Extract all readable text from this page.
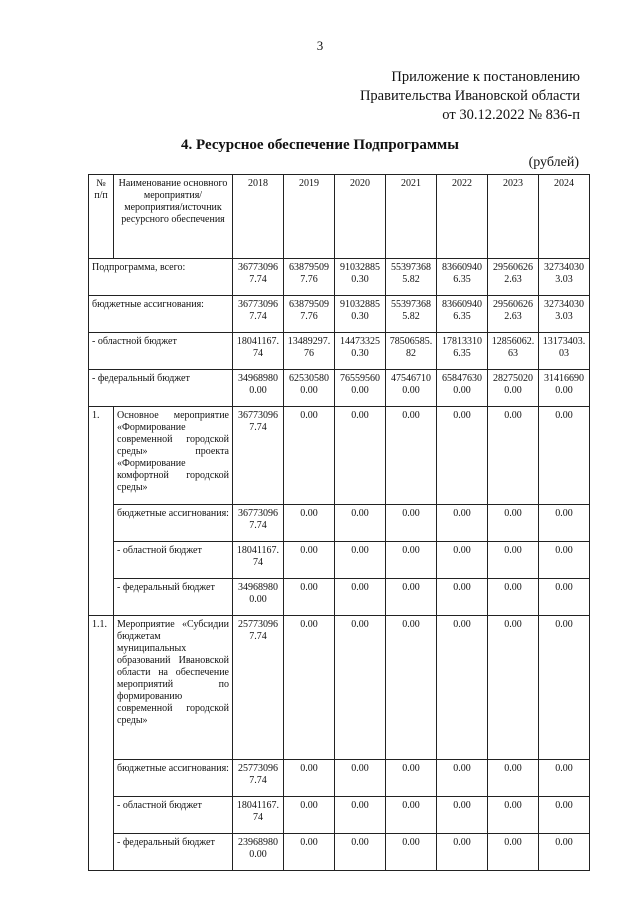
3
Приложение к постановлению
Правительства Ивановской области
от 30.12.2022 № 836-п
4. Ресурсное обеспечение Подпрограммы
(рублей)
№ п/п	Наименование основного мероприятия/ мероприятия/источник ресурсного обеспечения	2018	2019	2020	2021	2022	2023	2024
Подпрограмма, всего:		367730967.74	638795097.76	910328850.30	553973685.82	836609406.35	295606262.63	327340303.03
бюджетные ассигнования:		367730967.74	638795097.76	910328850.30	553973685.82	836609406.35	295606262.63	327340303.03
- областной бюджет		18041167.74	13489297.76	144733250.30	78506585.82	178133106.35	12856062.63	13173403.03
- федеральный бюджет		349689800.00	625305800.00	765595600.00	475467100.00	658476300.00	282750200.00	314166900.00
1.	Основное мероприятие «Формирование современной городской среды» проекта «Формирование комфортной городской среды»	367730967.74	0.00	0.00	0.00	0.00	0.00	0.00
	бюджетные ассигнования:	367730967.74	0.00	0.00	0.00	0.00	0.00	0.00
	- областной бюджет	18041167.74	0.00	0.00	0.00	0.00	0.00	0.00
	- федеральный бюджет	349689800.00	0.00	0.00	0.00	0.00	0.00	0.00
1.1.	Мероприятие «Субсидии бюджетам муниципальных образований Ивановской области на обеспечение мероприятий по формированию современной городской среды»	257730967.74	0.00	0.00	0.00	0.00	0.00	0.00
	бюджетные ассигнования:	257730967.74	0.00	0.00	0.00	0.00	0.00	0.00
	- областной бюджет	18041167.74	0.00	0.00	0.00	0.00	0.00	0.00
	- федеральный бюджет	239689800.00	0.00	0.00	0.00	0.00	0.00	0.00
